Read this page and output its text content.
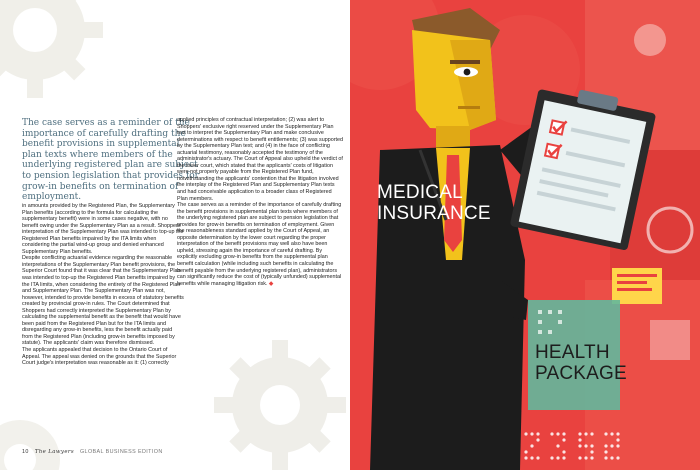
The case serves as a reminder of the importance of carefully drafting the benefit provisions in supplemental plan texts where members of the underlying registered plan are subject to pension legislation that provides for grow-in benefits on termination of employment.
in amounts provided by the Registered Plan, the Supplementary Plan benefits (according to the formula for calculating the supplementary benefit) were in some cases negative, with no benefit owing under the Supplementary Plan as a result. Shoppers' interpretation of the Supplementary Plan was intended to top-up the Registered Plan benefits impaired by the ITA limits when considering the partial wind-up group and denied enhanced Supplementary Plan benefits.
Despite conflicting actuarial evidence regarding the reasonable interpretations of the Supplementary Plan benefit provisions, the Superior Court found that it was clear that the Supplementary Plan was intended to top-up the Registered Plan benefits impaired by the ITA limits, when considering the entirety of the Registered Plan and Supplementary Plan. The Supplementary Plan was not, however, intended to provide benefits in excess of statutory benefits created by provincial grow-in rules. The Court determined that Shoppers had correctly interpreted the Supplementary Plan by calculating the supplemental benefit as the benefit that would have been paid from the Registered Plan but for the ITA limits and disregarding any grow-in benefits, less the benefit actually paid from the Registered Plan (including grow-in benefits imposed by statute). The applicants' claim was therefore dismissed.
The applicants appealed that decision to the Ontario Court of Appeal. The appeal was denied on the grounds that the Superior Court judge's interpretation was reasonable as it: (1) correctly
applied principles of contractual interpretation; (2) was alert to Shoppers' exclusive right reserved under the Supplementary Plan text to interpret the Supplementary Plan and make conclusive determinations with respect to benefit entitlements; (3) was supported by the Supplementary Plan text; and (4) in the face of conflicting actuarial testimony, reasonably accepted the testimony of the administrator's actuary. The Court of Appeal also upheld the verdict of the lower court, which stated that the applicants' costs of litigation were not properly payable from the Registered Plan fund, notwithstanding the applicants' contention that the litigation involved the interplay of the Registered Plan and Supplementary Plan texts and had conceivable application to a broader class of Registered Plan members.
The case serves as a reminder of the importance of carefully drafting the benefit provisions in supplemental plan texts where members of the underlying registered plan are subject to pension legislation that provides for grow-in benefits on termination of employment. Given the reasonableness standard applied by the Court of Appeal, an opposite determination by the lower court regarding the proper interpretation of the benefit provisions may well also have been upheld, stressing again the importance of careful drafting. By explicitly excluding grow-in benefits from the supplemental plan benefit calculation (while including such benefits in calculating the benefit payable from the underlying registered plan), administrators can significantly reduce the cost of (typically unfunded) supplemental benefits while managing litigation risk. ◆
10 The Lawyers GLOBAL BUSINESS EDITION
MEDICAL
INSURANCE
HEALTH
PACKAGE
